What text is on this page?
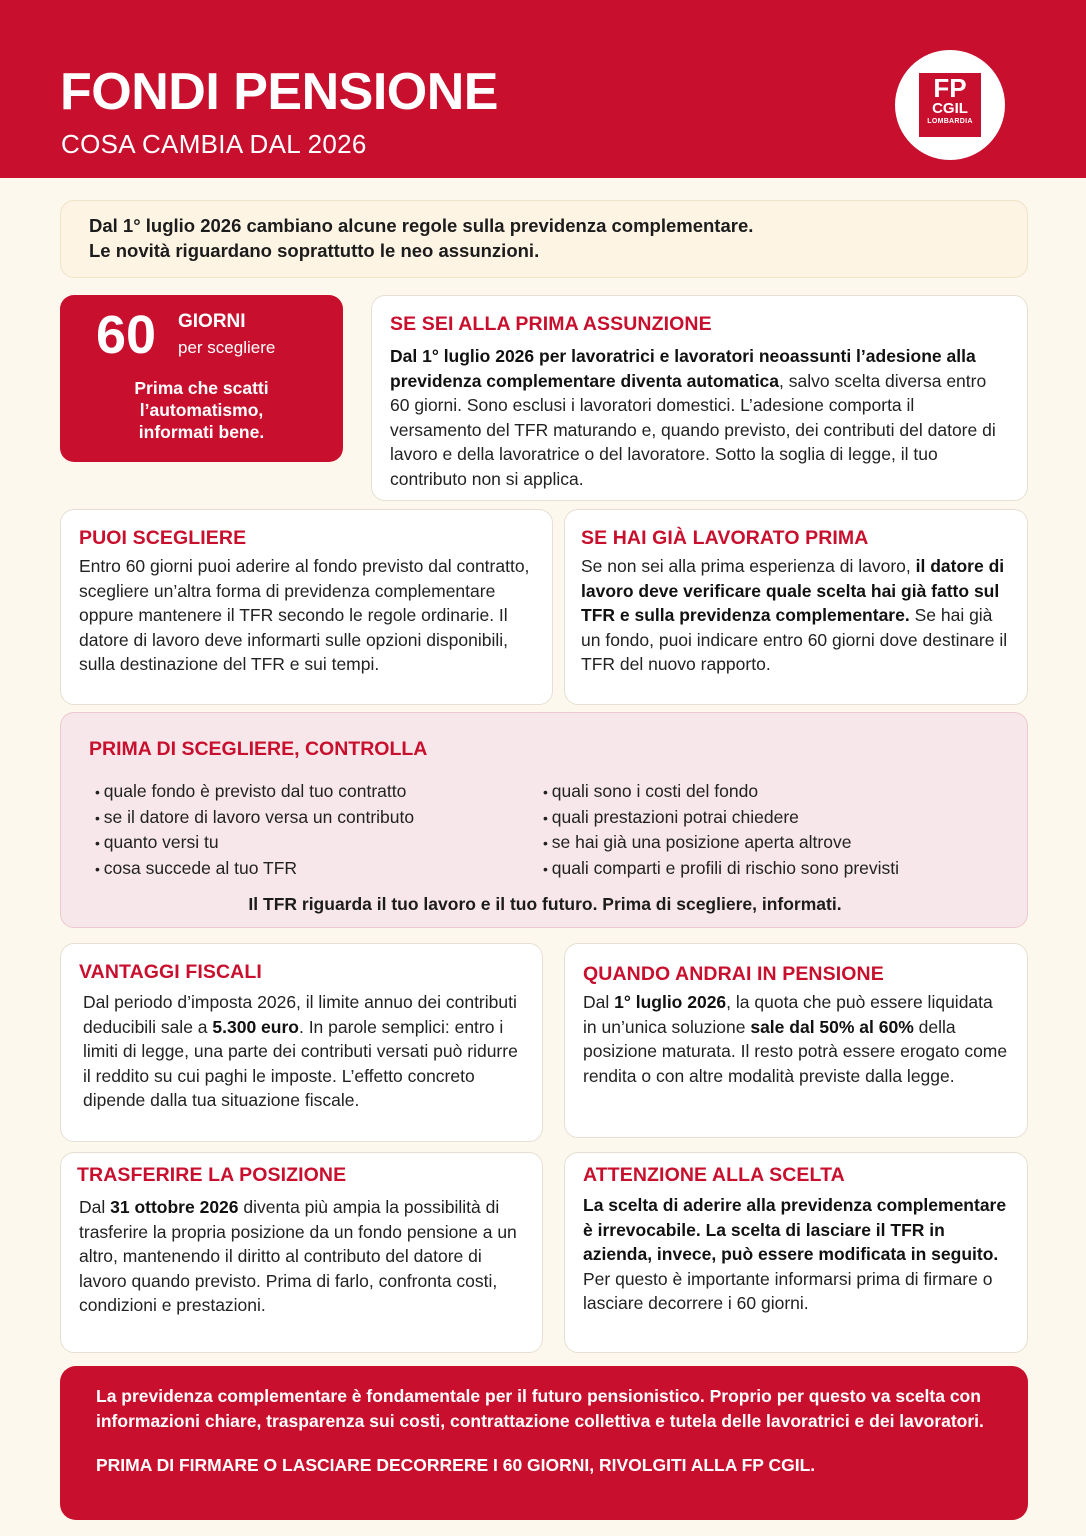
FONDI PENSIONE
COSA CAMBIA DAL 2026
FP
CGIL
LOMBARDIA
Dal 1° luglio 2026 cambiano alcune regole sulla previdenza complementare.
Le novità riguardano soprattutto le neo assunzioni.
60 GIORNI
per scegliere
Prima che scatti
l’automatismo,
informati bene.
SE SEI ALLA PRIMA ASSUNZIONE

Dal 1° luglio 2026 per lavoratrici e lavoratori neoassunti l’adesione alla previdenza complementare diventa automatica, salvo scelta diversa entro 60 giorni. Sono esclusi i lavoratori domestici. L’adesione comporta il versamento del TFR maturando e, quando previsto, dei contributi del datore di lavoro e della lavoratrice o del lavoratore. Sotto la soglia di legge, il tuo contributo non si applica.

PUOI SCEGLIERE

Entro 60 giorni puoi aderire al fondo previsto dal contratto, scegliere un’altra forma di previdenza complementare oppure mantenere il TFR secondo le regole ordinarie. Il datore di lavoro deve informarti sulle opzioni disponibili, sulla destinazione del TFR e sui tempi.

SE HAI GIÀ LAVORATO PRIMA

Se non sei alla prima esperienza di lavoro, il datore di lavoro deve verificare quale scelta hai già fatto sul TFR e sulla previdenza complementare. Se hai già un fondo, puoi indicare entro 60 giorni dove destinare il TFR del nuovo rapporto.

PRIMA DI SCEGLIERE, CONTROLLA
• quale fondo è previsto dal tuo contratto
• se il datore di lavoro versa un contributo
• quanto versi tu
• cosa succede al tuo TFR
• quali sono i costi del fondo
• quali prestazioni potrai chiedere
• se hai già una posizione aperta altrove
• quali comparti e profili di rischio sono previsti
Il TFR riguarda il tuo lavoro e il tuo futuro. Prima di scegliere, informati.
VANTAGGI FISCALI

Dal periodo d’imposta 2026, il limite annuo dei contributi deducibili sale a 5.300 euro. In parole semplici: entro i limiti di legge, una parte dei contributi versati può ridurre il reddito su cui paghi le imposte. L’effetto concreto dipende dalla tua situazione fiscale.

QUANDO ANDRAI IN PENSIONE

Dal 1° luglio 2026, la quota che può essere liquidata in un’unica soluzione sale dal 50% al 60% della posizione maturata. Il resto potrà essere erogato come rendita o con altre modalità previste dalla legge.

TRASFERIRE LA POSIZIONE

Dal 31 ottobre 2026 diventa più ampia la possibilità di trasferire la propria posizione da un fondo pensione a un altro, mantenendo il diritto al contributo del datore di lavoro quando previsto. Prima di farlo, confronta costi, condizioni e prestazioni.

ATTENZIONE ALLA SCELTA

La scelta di aderire alla previdenza complementare è irrevocabile. La scelta di lasciare il TFR in azienda, invece, può essere modificata in seguito. Per questo è importante informarsi prima di firmare o lasciare decorrere i 60 giorni.

La previdenza complementare è fondamentale per il futuro pensionistico. Proprio per questo va scelta con informazioni chiare, trasparenza sui costi, contrattazione collettiva e tutela delle lavoratrici e dei lavoratori.

PRIMA DI FIRMARE O LASCIARE DECORRERE I 60 GIORNI, RIVOLGITI ALLA FP CGIL.
